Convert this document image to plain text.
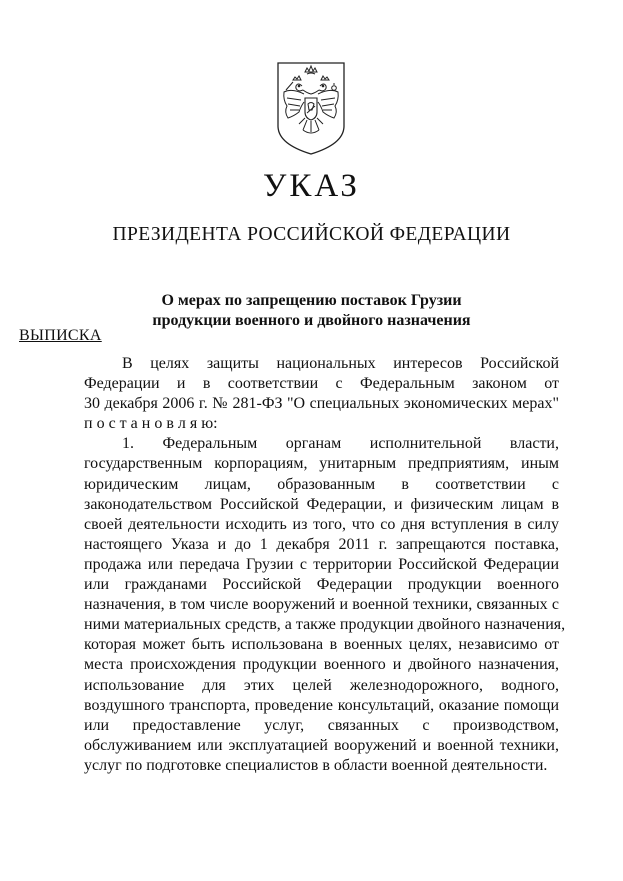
УКАЗ
ПРЕЗИДЕНТА РОССИЙСКОЙ ФЕДЕРАЦИИ
О мерах по запрещению поставок Грузии
продукции военного и двойного назначения
ВЫПИСКА
В целях защиты национальных интересов Российской
Федерации и в соответствии с Федеральным законом от
30 декабря 2006 г. № 281-ФЗ "О специальных экономических мерах"
п о с т а н о в л я ю:
1. Федеральным органам исполнительной власти,
государственным корпорациям, унитарным предприятиям, иным
юридическим лицам, образованным в соответствии с
законодательством Российской Федерации, и физическим лицам в
своей деятельности исходить из того, что со дня вступления в силу
настоящего Указа и до 1 декабря 2011 г. запрещаются поставка,
продажа или передача Грузии с территории Российской Федерации
или гражданами Российской Федерации продукции военного
назначения, в том числе вооружений и военной техники, связанных с
ними материальных средств, а также продукции двойного назначения,
которая может быть использована в военных целях, независимо от
места происхождения продукции военного и двойного назначения,
использование для этих целей железнодорожного, водного,
воздушного транспорта, проведение консультаций, оказание помощи
или предоставление услуг, связанных с производством,
обслуживанием или эксплуатацией вооружений и военной техники,
услуг по подготовке специалистов в области военной деятельности.
